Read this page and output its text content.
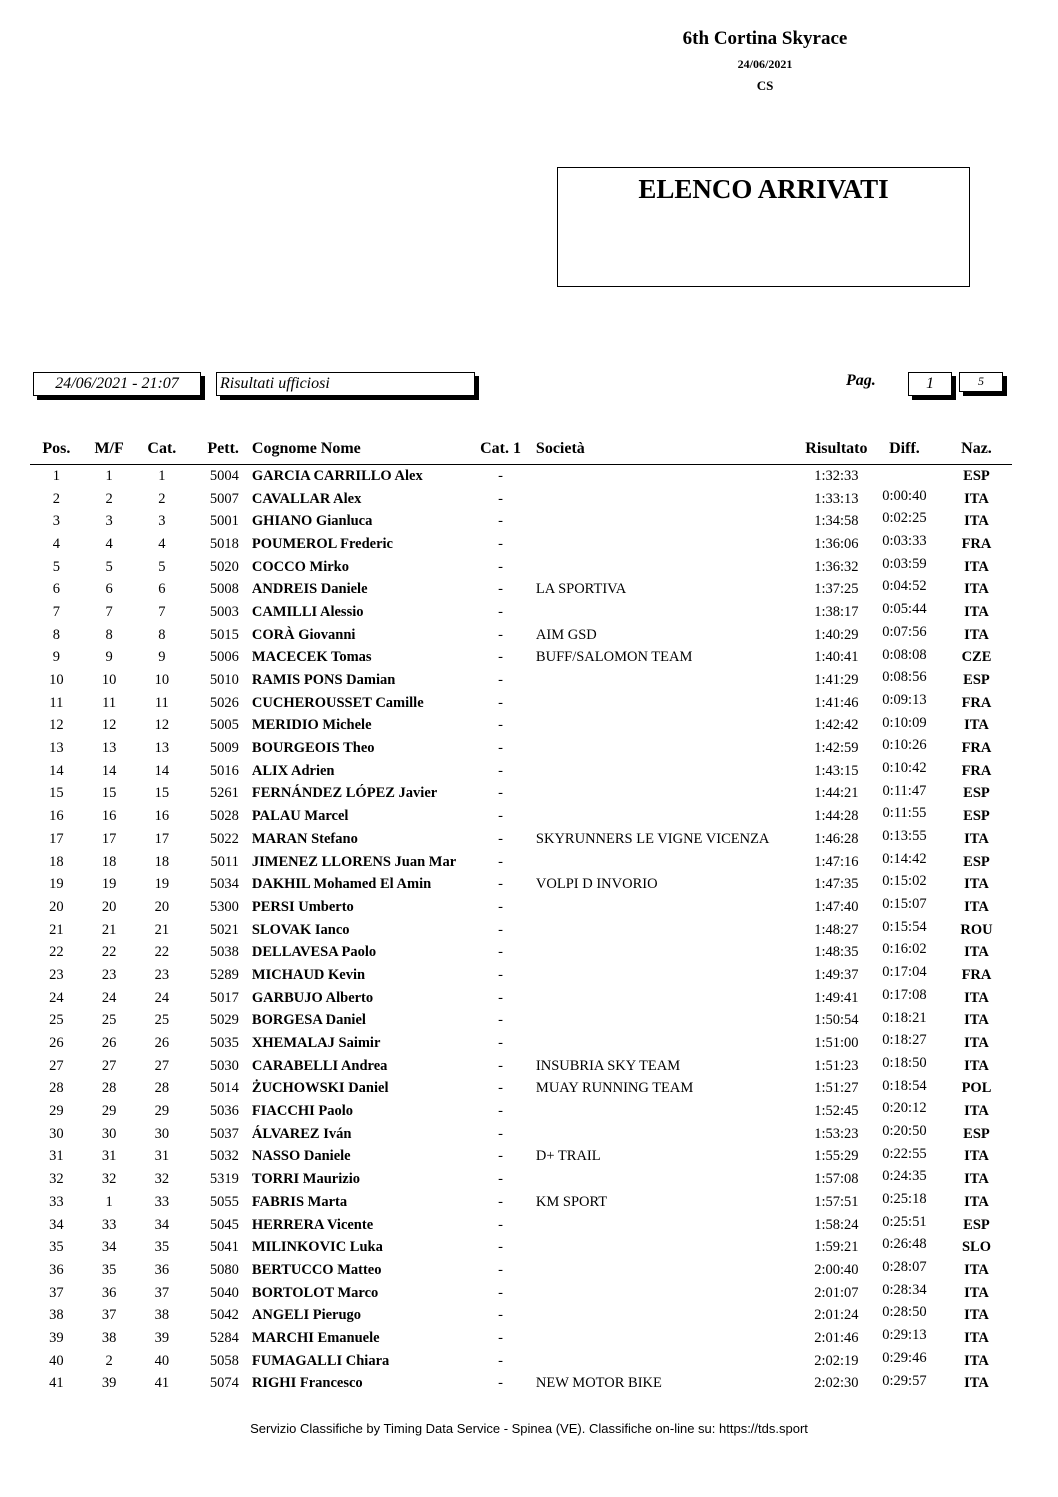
6th Cortina Skyrace
24/06/2021
CS
ELENCO ARRIVATI
24/06/2021 - 21:07	Risultati ufficiosi	Pag.	1	5
Pos.	M/F	Cat.	Pett.	Cognome Nome	Cat. 1	Società	Risultato	Diff.	Naz.
1	1	1	5004	GARCIA CARRILLO Alex	-		1:32:33		ESP
2	2	2	5007	CAVALLAR Alex	-		1:33:13	0:00:40	ITA
3	3	3	5001	GHIANO Gianluca	-		1:34:58	0:02:25	ITA
4	4	4	5018	POUMEROL Frederic	-		1:36:06	0:03:33	FRA
5	5	5	5020	COCCO Mirko	-		1:36:32	0:03:59	ITA
6	6	6	5008	ANDREIS Daniele	-	LA SPORTIVA	1:37:25	0:04:52	ITA
7	7	7	5003	CAMILLI Alessio	-		1:38:17	0:05:44	ITA
8	8	8	5015	CORÀ Giovanni	-	AIM GSD	1:40:29	0:07:56	ITA
9	9	9	5006	MACECEK Tomas	-	BUFF/SALOMON TEAM	1:40:41	0:08:08	CZE
10	10	10	5010	RAMIS PONS Damian	-		1:41:29	0:08:56	ESP
11	11	11	5026	CUCHEROUSSET Camille	-		1:41:46	0:09:13	FRA
12	12	12	5005	MERIDIO Michele	-		1:42:42	0:10:09	ITA
13	13	13	5009	BOURGEOIS Theo	-		1:42:59	0:10:26	FRA
14	14	14	5016	ALIX Adrien	-		1:43:15	0:10:42	FRA
15	15	15	5261	FERNÁNDEZ LÓPEZ Javier	-		1:44:21	0:11:47	ESP
16	16	16	5028	PALAU Marcel	-		1:44:28	0:11:55	ESP
17	17	17	5022	MARAN Stefano	-	SKYRUNNERS LE VIGNE VICENZA	1:46:28	0:13:55	ITA
18	18	18	5011	JIMENEZ LLORENS Juan Mar	-		1:47:16	0:14:42	ESP
19	19	19	5034	DAKHIL Mohamed El Amin	-	VOLPI D INVORIO	1:47:35	0:15:02	ITA
20	20	20	5300	PERSI Umberto	-		1:47:40	0:15:07	ITA
21	21	21	5021	SLOVAK Ianco	-		1:48:27	0:15:54	ROU
22	22	22	5038	DELLAVESA Paolo	-		1:48:35	0:16:02	ITA
23	23	23	5289	MICHAUD Kevin	-		1:49:37	0:17:04	FRA
24	24	24	5017	GARBUJO Alberto	-		1:49:41	0:17:08	ITA
25	25	25	5029	BORGESA Daniel	-		1:50:54	0:18:21	ITA
26	26	26	5035	XHEMALAJ Saimir	-		1:51:00	0:18:27	ITA
27	27	27	5030	CARABELLI Andrea	-	INSUBRIA SKY TEAM	1:51:23	0:18:50	ITA
28	28	28	5014	ŻUCHOWSKI Daniel	-	MUAY RUNNING TEAM	1:51:27	0:18:54	POL
29	29	29	5036	FIACCHI Paolo	-		1:52:45	0:20:12	ITA
30	30	30	5037	ÁLVAREZ Iván	-		1:53:23	0:20:50	ESP
31	31	31	5032	NASSO Daniele	-	D+ TRAIL	1:55:29	0:22:55	ITA
32	32	32	5319	TORRI Maurizio	-		1:57:08	0:24:35	ITA
33	1	33	5055	FABRIS Marta	-	KM SPORT	1:57:51	0:25:18	ITA
34	33	34	5045	HERRERA Vicente	-		1:58:24	0:25:51	ESP
35	34	35	5041	MILINKOVIC Luka	-		1:59:21	0:26:48	SLO
36	35	36	5080	BERTUCCO Matteo	-		2:00:40	0:28:07	ITA
37	36	37	5040	BORTOLOT Marco	-		2:01:07	0:28:34	ITA
38	37	38	5042	ANGELI Pierugo	-		2:01:24	0:28:50	ITA
39	38	39	5284	MARCHI Emanuele	-		2:01:46	0:29:13	ITA
40	2	40	5058	FUMAGALLI Chiara	-		2:02:19	0:29:46	ITA
41	39	41	5074	RIGHI Francesco	-	NEW MOTOR BIKE	2:02:30	0:29:57	ITA
Servizio Classifiche by Timing Data Service - Spinea (VE). Classifiche on-line su: https://tds.sport
